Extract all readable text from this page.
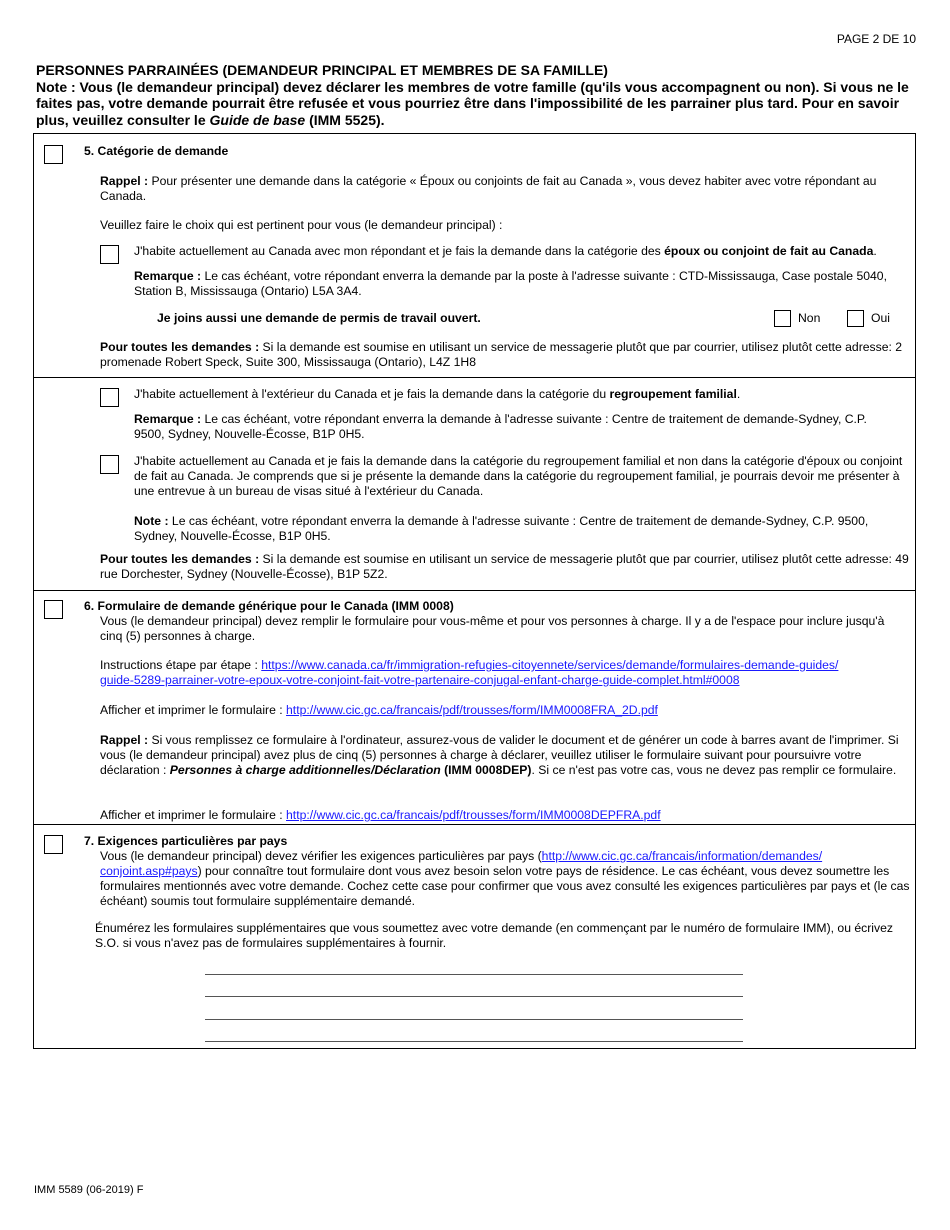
PAGE 2 DE 10
PERSONNES PARRAINÉES (DEMANDEUR PRINCIPAL ET MEMBRES DE SA FAMILLE)
Note : Vous (le demandeur principal) devez déclarer les membres de votre famille (qu'ils vous accompagnent ou non). Si vous ne le faites pas, votre demande pourrait être refusée et vous pourriez être dans l'impossibilité de les parrainer plus tard. Pour en savoir plus, veuillez consulter le Guide de base (IMM 5525).
5. Catégorie de demande
Rappel : Pour présenter une demande dans la catégorie « Époux ou conjoints de fait au Canada », vous devez habiter avec votre répondant au Canada.
Veuillez faire le choix qui est pertinent pour vous (le demandeur principal) :
J'habite actuellement au Canada avec mon répondant et je fais la demande dans la catégorie des époux ou conjoint de fait au Canada.
Remarque : Le cas échéant, votre répondant enverra la demande par la poste à l'adresse suivante : CTD-Mississauga, Case postale 5040, Station B, Mississauga (Ontario) L5A 3A4.
Je joins aussi une demande de permis de travail ouvert.	Non	Oui
Pour toutes les demandes : Si la demande est soumise en utilisant un service de messagerie plutôt que par courrier, utilisez plutôt cette adresse: 2 promenade Robert Speck, Suite 300, Mississauga (Ontario), L4Z 1H8
J'habite actuellement à l'extérieur du Canada et je fais la demande dans la catégorie du regroupement familial.
Remarque : Le cas échéant, votre répondant enverra la demande à l'adresse suivante : Centre de traitement de demande-Sydney, C.P. 9500, Sydney, Nouvelle-Écosse, B1P 0H5.
J'habite actuellement au Canada et je fais la demande dans la catégorie du regroupement familial et non dans la catégorie d'époux ou conjoint de fait au Canada. Je comprends que si je présente la demande dans la catégorie du regroupement familial, je pourrais devoir me présenter à une entrevue à un bureau de visas situé à l'extérieur du Canada.
Note : Le cas échéant, votre répondant enverra la demande à l'adresse suivante : Centre de traitement de demande-Sydney, C.P. 9500, Sydney, Nouvelle-Écosse, B1P 0H5.
Pour toutes les demandes : Si la demande est soumise en utilisant un service de messagerie plutôt que par courrier, utilisez plutôt cette adresse: 49 rue Dorchester, Sydney (Nouvelle-Écosse), B1P 5Z2.
6. Formulaire de demande générique pour le Canada (IMM 0008)
Vous (le demandeur principal) devez remplir le formulaire pour vous-même et pour vos personnes à charge. Il y a de l'espace pour inclure jusqu'à cinq (5) personnes à charge.
Instructions étape par étape : https://www.canada.ca/fr/immigration-refugies-citoyennete/services/demande/formulaires-demande-guides/
guide-5289-parrainer-votre-epoux-votre-conjoint-fait-votre-partenaire-conjugal-enfant-charge-guide-complet.html#0008
Afficher et imprimer le formulaire : http://www.cic.gc.ca/francais/pdf/trousses/form/IMM0008FRA_2D.pdf
Rappel : Si vous remplissez ce formulaire à l'ordinateur, assurez-vous de valider le document et de générer un code à barres avant de l'imprimer. Si vous (le demandeur principal) avez plus de cinq (5) personnes à charge à déclarer, veuillez utiliser le formulaire suivant pour poursuivre votre déclaration : Personnes à charge additionnelles/Déclaration (IMM 0008DEP). Si ce n'est pas votre cas, vous ne devez pas remplir ce formulaire.
Afficher et imprimer le formulaire : http://www.cic.gc.ca/francais/pdf/trousses/form/IMM0008DEPFRA.pdf
7. Exigences particulières par pays
Vous (le demandeur principal) devez vérifier les exigences particulières par pays (http://www.cic.gc.ca/francais/information/demandes/
conjoint.asp#pays) pour connaître tout formulaire dont vous avez besoin selon votre pays de résidence. Le cas échéant, vous devez soumettre les formulaires mentionnés avec votre demande. Cochez cette case pour confirmer que vous avez consulté les exigences particulières par pays et (le cas échéant) soumis tout formulaire supplémentaire demandé.
Énumérez les formulaires supplémentaires que vous soumettez avec votre demande (en commençant par le numéro de formulaire IMM), ou écrivez S.O. si vous n'avez pas de formulaires supplémentaires à fournir.
IMM 5589 (06-2019) F
